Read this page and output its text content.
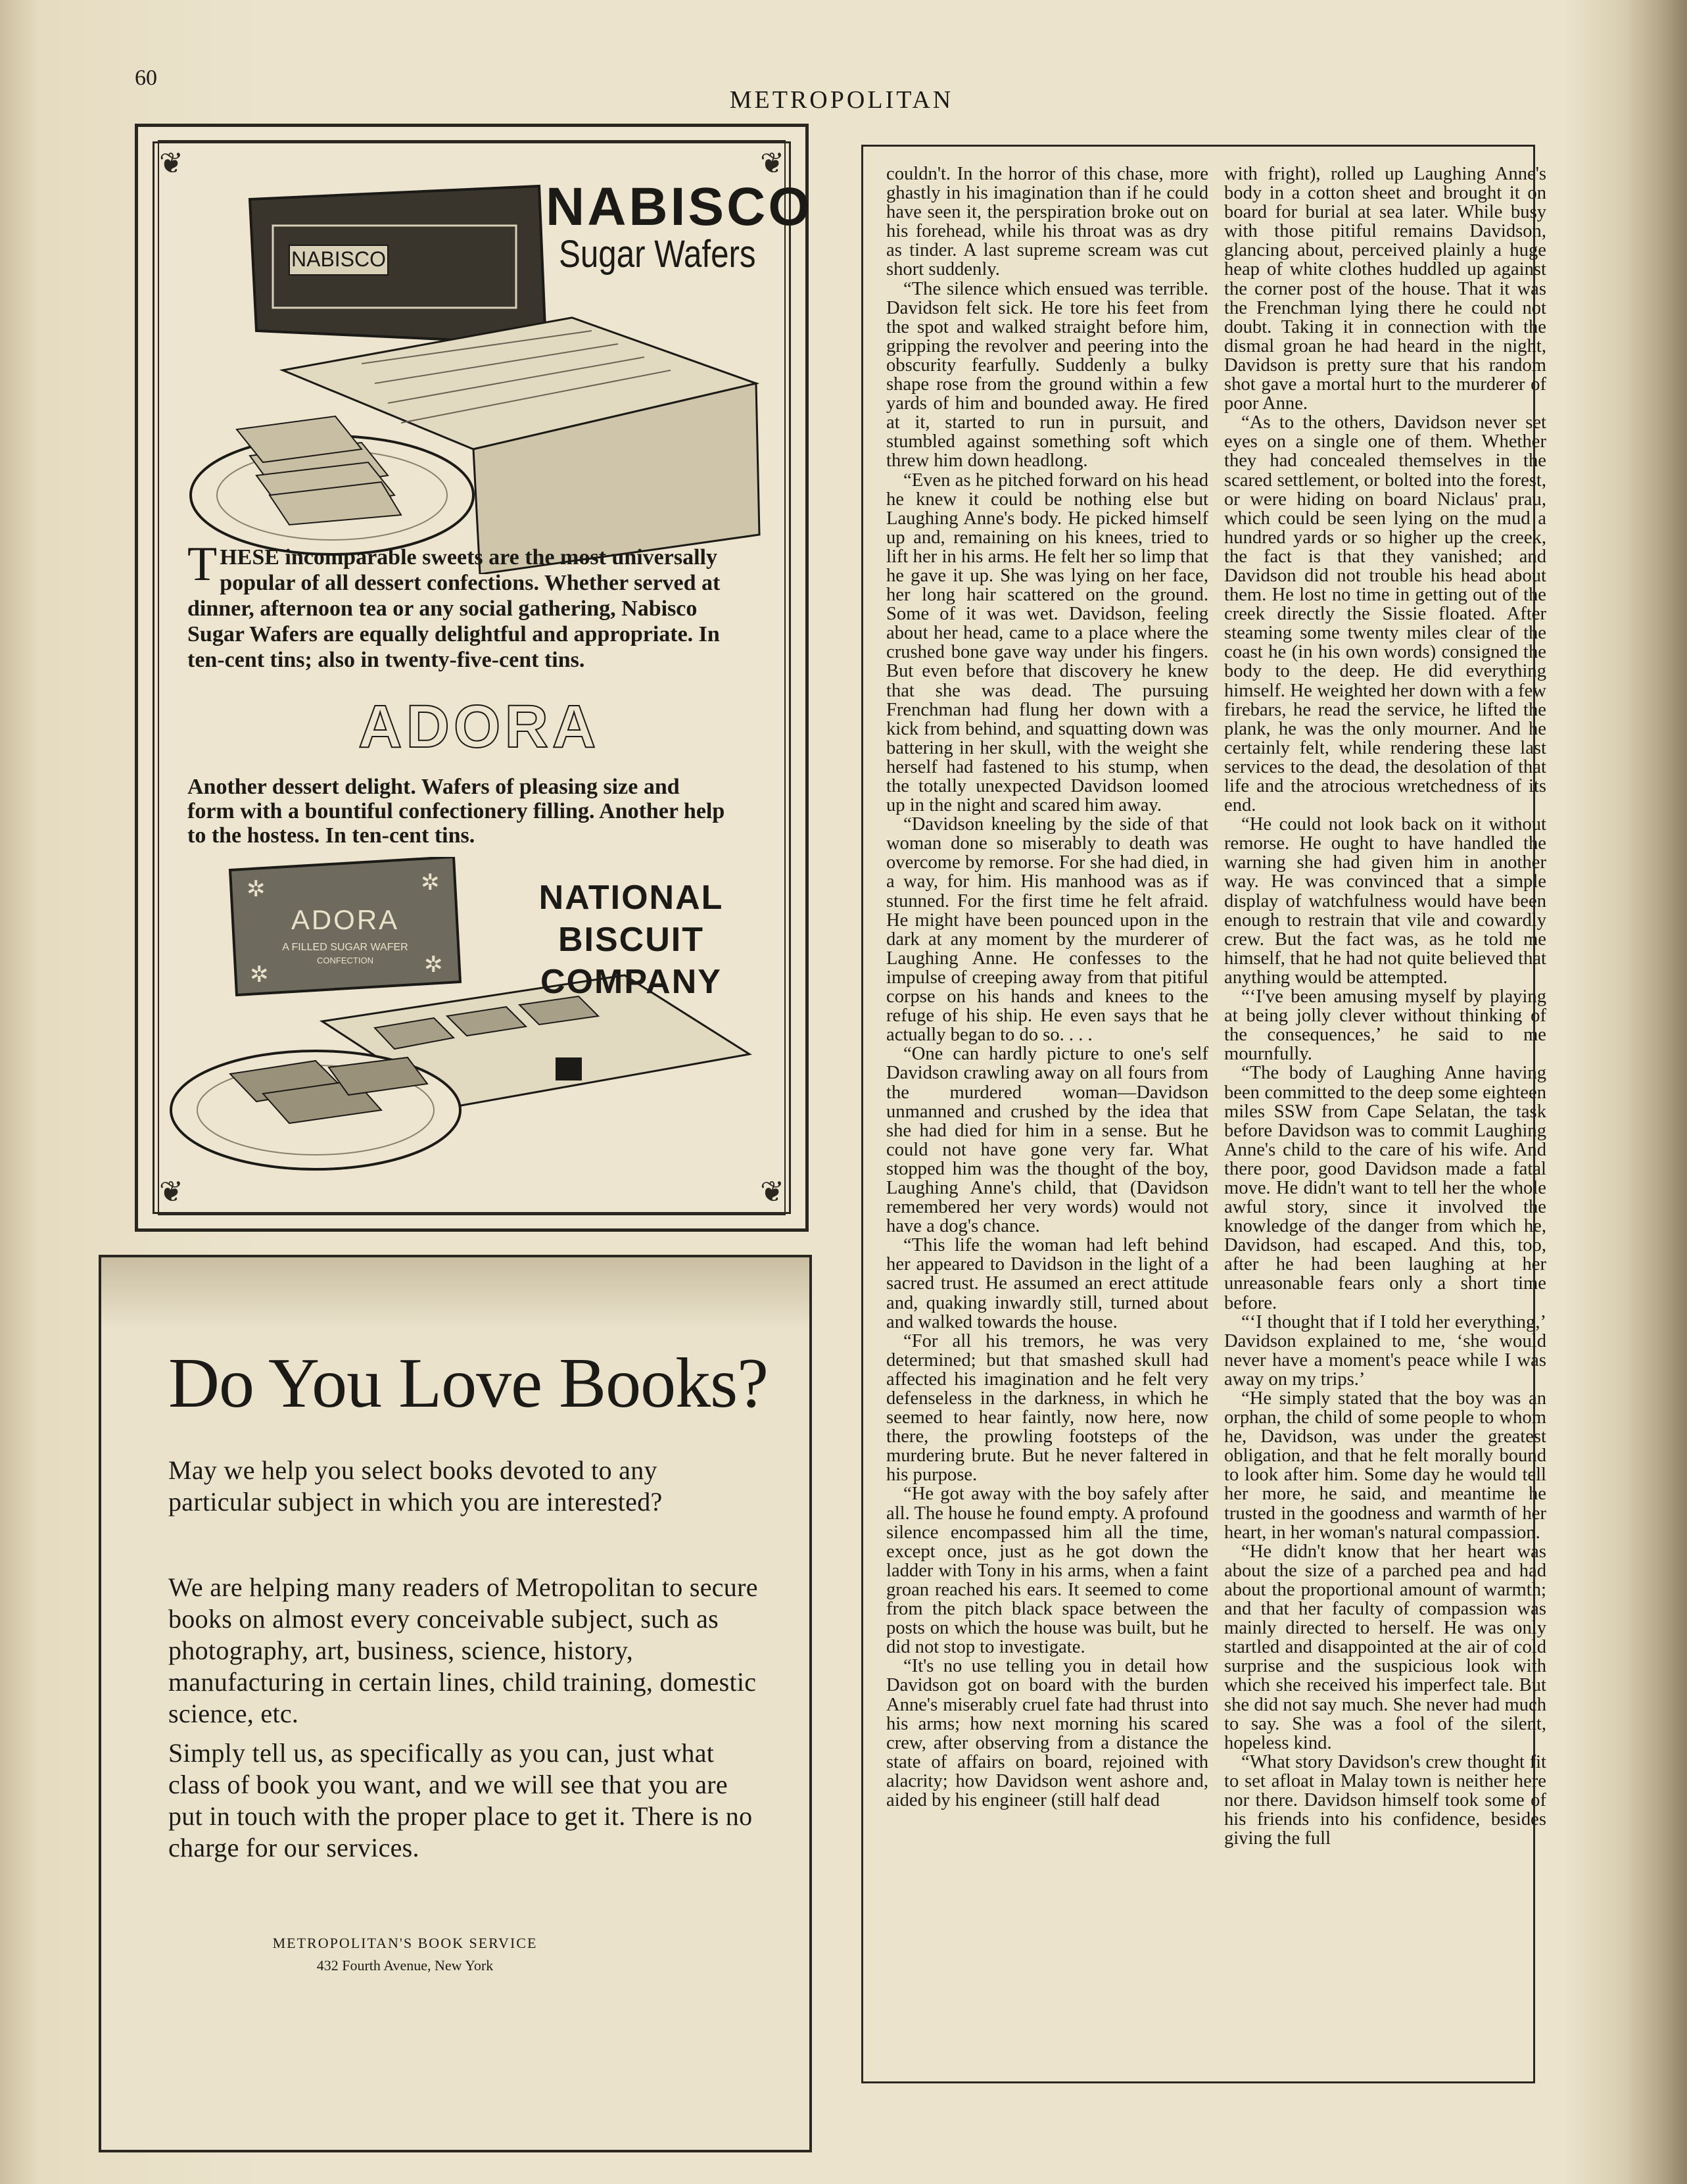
60
METROPOLITAN
❦	❦
❦	❦
NABISCO
NABISCO
Sugar Wafers
THESE incomparable sweets are the most universally popular of all dessert confections. Whether served at dinner, afternoon tea or any social gathering, Nabisco Sugar Wafers are equally delightful and appropriate. In ten-cent tins; also in twenty-five-cent tins.
ADORA
Another dessert delight. Wafers of pleasing size and form with a bountiful confectionery filling. Another help to the hostess. In ten-cent tins.
✲	✲
✲	✲
ADORA
A FILLED SUGAR WAFER
CONFECTION
NATIONAL
BISCUIT
COMPANY
Do You Love Books?
May we help you select books devoted to any particular subject in which you are interested?
We are helping many readers of Metropolitan to secure books on almost every conceivable subject, such as photography, art, business, science, history, manufacturing in certain lines, child training, domestic science, etc.
Simply tell us, as specifically as you can, just what class of book you want, and we will see that you are put in touch with the proper place to get it. There is no charge for our services.
METROPOLITAN'S BOOK SERVICE
432 Fourth Avenue, New York

couldn't. In the horror of this chase, more ghastly in his imagination than if he could have seen it, the perspiration broke out on his forehead, while his throat was as dry as tinder. A last supreme scream was cut short suddenly.

“The silence which ensued was terrible. Davidson felt sick. He tore his feet from the spot and walked straight before him, gripping the revolver and peering into the obscurity fearfully. Suddenly a bulky shape rose from the ground within a few yards of him and bounded away. He fired at it, started to run in pursuit, and stumbled against something soft which threw him down headlong.

“Even as he pitched forward on his head he knew it could be nothing else but Laughing Anne's body. He picked himself up and, remaining on his knees, tried to lift her in his arms. He felt her so limp that he gave it up. She was lying on her face, her long hair scattered on the ground. Some of it was wet. Davidson, feeling about her head, came to a place where the crushed bone gave way under his fingers. But even before that discovery he knew that she was dead. The pursuing Frenchman had flung her down with a kick from behind, and squatting down was battering in her skull, with the weight she herself had fastened to his stump, when the totally unexpected Davidson loomed up in the night and scared him away.

“Davidson kneeling by the side of that woman done so miserably to death was overcome by remorse. For she had died, in a way, for him. His manhood was as if stunned. For the first time he felt afraid. He might have been pounced upon in the dark at any moment by the murderer of Laughing Anne. He confesses to the impulse of creeping away from that pitiful corpse on his hands and knees to the refuge of his ship. He even says that he actually began to do so. . . .

“One can hardly picture to one's self Davidson crawling away on all fours from the murdered woman—Davidson unmanned and crushed by the idea that she had died for him in a sense. But he could not have gone very far. What stopped him was the thought of the boy, Laughing Anne's child, that (Davidson remembered her very words) would not have a dog's chance.

“This life the woman had left behind her appeared to Davidson in the light of a sacred trust. He assumed an erect attitude and, quaking inwardly still, turned about and walked towards the house.

“For all his tremors, he was very determined; but that smashed skull had affected his imagination and he felt very defenseless in the darkness, in which he seemed to hear faintly, now here, now there, the prowling footsteps of the murdering brute. But he never faltered in his purpose.

“He got away with the boy safely after all. The house he found empty. A profound silence encompassed him all the time, except once, just as he got down the ladder with Tony in his arms, when a faint groan reached his ears. It seemed to come from the pitch black space between the posts on which the house was built, but he did not stop to investigate.

“It's no use telling you in detail how Davidson got on board with the burden Anne's miserably cruel fate had thrust into his arms; how next morning his scared crew, after observing from a distance the state of affairs on board, rejoined with alacrity; how Davidson went ashore and, aided by his engineer (still half dead

with fright), rolled up Laughing Anne's body in a cotton sheet and brought it on board for burial at sea later. While busy with those pitiful remains Davidson, glancing about, perceived plainly a huge heap of white clothes huddled up against the corner post of the house. That it was the Frenchman lying there he could not doubt. Taking it in connection with the dismal groan he had heard in the night, Davidson is pretty sure that his random shot gave a mortal hurt to the murderer of poor Anne.

“As to the others, Davidson never set eyes on a single one of them. Whether they had concealed themselves in the scared settlement, or bolted into the forest, or were hiding on board Niclaus' prau, which could be seen lying on the mud a hundred yards or so higher up the creek, the fact is that they vanished; and Davidson did not trouble his head about them. He lost no time in getting out of the creek directly the Sissie floated. After steaming some twenty miles clear of the coast he (in his own words) consigned the body to the deep. He did everything himself. He weighted her down with a few firebars, he read the service, he lifted the plank, he was the only mourner. And he certainly felt, while rendering these last services to the dead, the desolation of that life and the atrocious wretchedness of its end.

“He could not look back on it without remorse. He ought to have handled the warning she had given him in another way. He was convinced that a simple display of watchfulness would have been enough to restrain that vile and cowardly crew. But the fact was, as he told me himself, that he had not quite believed that anything would be attempted.

“‘I've been amusing myself by playing at being jolly clever without thinking of the consequences,’ he said to me mournfully.

“The body of Laughing Anne having been committed to the deep some eighteen miles SSW from Cape Selatan, the task before Davidson was to commit Laughing Anne's child to the care of his wife. And there poor, good Davidson made a fatal move. He didn't want to tell her the whole awful story, since it involved the knowledge of the danger from which he, Davidson, had escaped. And this, too, after he had been laughing at her unreasonable fears only a short time before.

“‘I thought that if I told her everything,’ Davidson explained to me, ‘she would never have a moment's peace while I was away on my trips.’

“He simply stated that the boy was an orphan, the child of some people to whom he, Davidson, was under the greatest obligation, and that he felt morally bound to look after him. Some day he would tell her more, he said, and meantime he trusted in the goodness and warmth of her heart, in her woman's natural compassion.

“He didn't know that her heart was about the size of a parched pea and had about the proportional amount of warmth; and that her faculty of compassion was mainly directed to herself. He was only startled and disappointed at the air of cold surprise and the suspicious look with which she received his imperfect tale. But she did not say much. She never had much to say. She was a fool of the silent, hopeless kind.

“What story Davidson's crew thought fit to set afloat in Malay town is neither here nor there. Davidson himself took some of his friends into his confidence, besides giving the full
